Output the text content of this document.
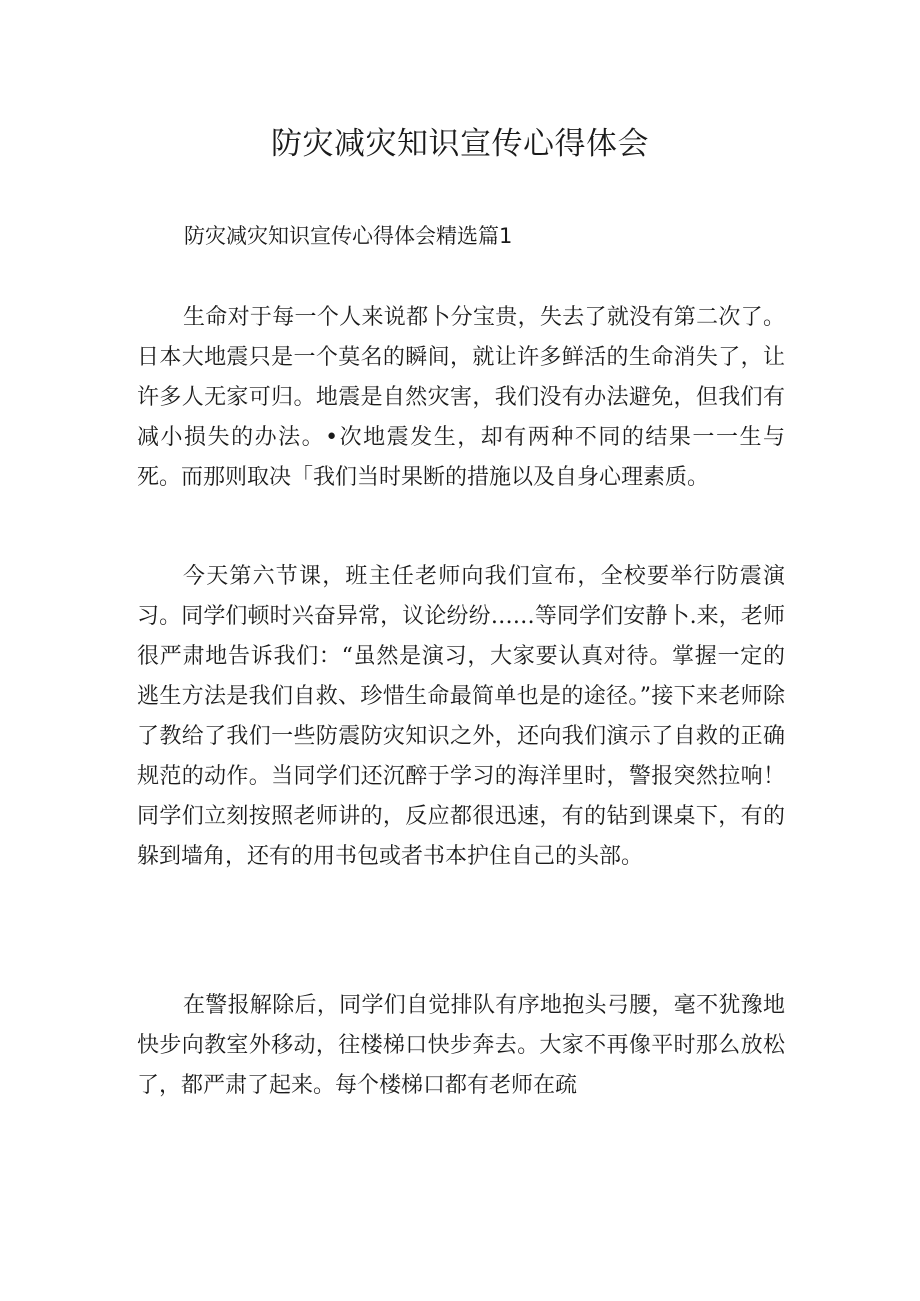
防灾减灾知识宣传心得体会

防灾减灾知识宣传心得体会精选篇1

生命对于每一个人来说都卜分宝贵，失去了就没有第二次了。日本大地震只是一个莫名的瞬间，就让许多鲜活的生命消失了，让许多人无家可归。地震是自然灾害，我们没有办法避免，但我们有减小损失的办法。•次地震发生，却有两种不同的结果一一生与死。而那则取决「我们当时果断的措施以及自身心理素质。

今天第六节课，班主任老师向我们宣布，全校要举行防震演习。同学们顿时兴奋异常，议论纷纷……等同学们安静卜.来，老师很严肃地告诉我们：“虽然是演习，大家要认真对待。掌握一定的逃生方法是我们自救、珍惜生命最简单也是的途径。”接下来老师除了教给了我们一些防震防灾知识之外，还向我们演示了自救的正确规范的动作。当同学们还沉醉于学习的海洋里时，警报突然拉响！同学们立刻按照老师讲的，反应都很迅速，有的钻到课桌下，有的躲到墙角，还有的用书包或者书本护住自己的头部。

在警报解除后，同学们自觉排队有序地抱头弓腰，毫不犹豫地快步向教室外移动，往楼梯口快步奔去。大家不再像平时那么放松了，都严肃了起来。每个楼梯口都有老师在疏
